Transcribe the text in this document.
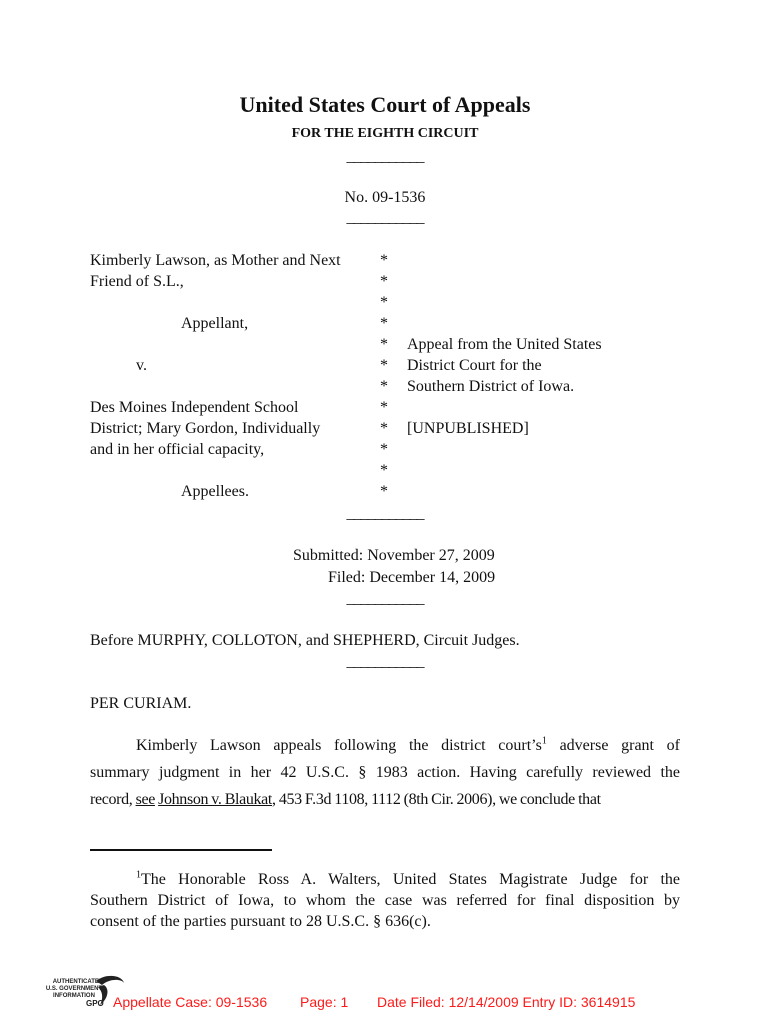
United States Court of Appeals
FOR THE EIGHTH CIRCUIT
___________
No. 09-1536
___________
Kimberly Lawson, as Mother and Next
Friend of S.L.,
Appellant,
v.
Des Moines Independent School
District; Mary Gordon, Individually
and in her official capacity,
Appellees.
*
*
*
*
*
*
*
*
*
*
*
*
Appeal from the United States
District Court for the
Southern District of Iowa.
[UNPUBLISHED]
___________
Submitted: November 27, 2009
Filed: December 14, 2009
___________
Before MURPHY, COLLOTON, and SHEPHERD, Circuit Judges.
___________
PER CURIAM.
Kimberly Lawson appeals following the district $court’s^1$ adverse grant of
summary judgment in her 42 U.S.C. § 1983 action. Having carefully reviewed the
record, see Johnson v. Blaukat, 453 F.3d 1108, 1112 (8th Cir. 2006), we conclude that
$^1$The Honorable Ross A. Walters, United States Magistrate Judge for the
Southern District of Iowa, to whom the case was referred for final disposition by
consent of the parties pursuant to 28 U.S.C. § 636(c).
AUTHENTICATED
U.S. GOVERNMENT
INFORMATION
GPO Appellate Case: 09-1536 Page: 1 Date Filed: 12/14/2009 Entry ID: 3614915
